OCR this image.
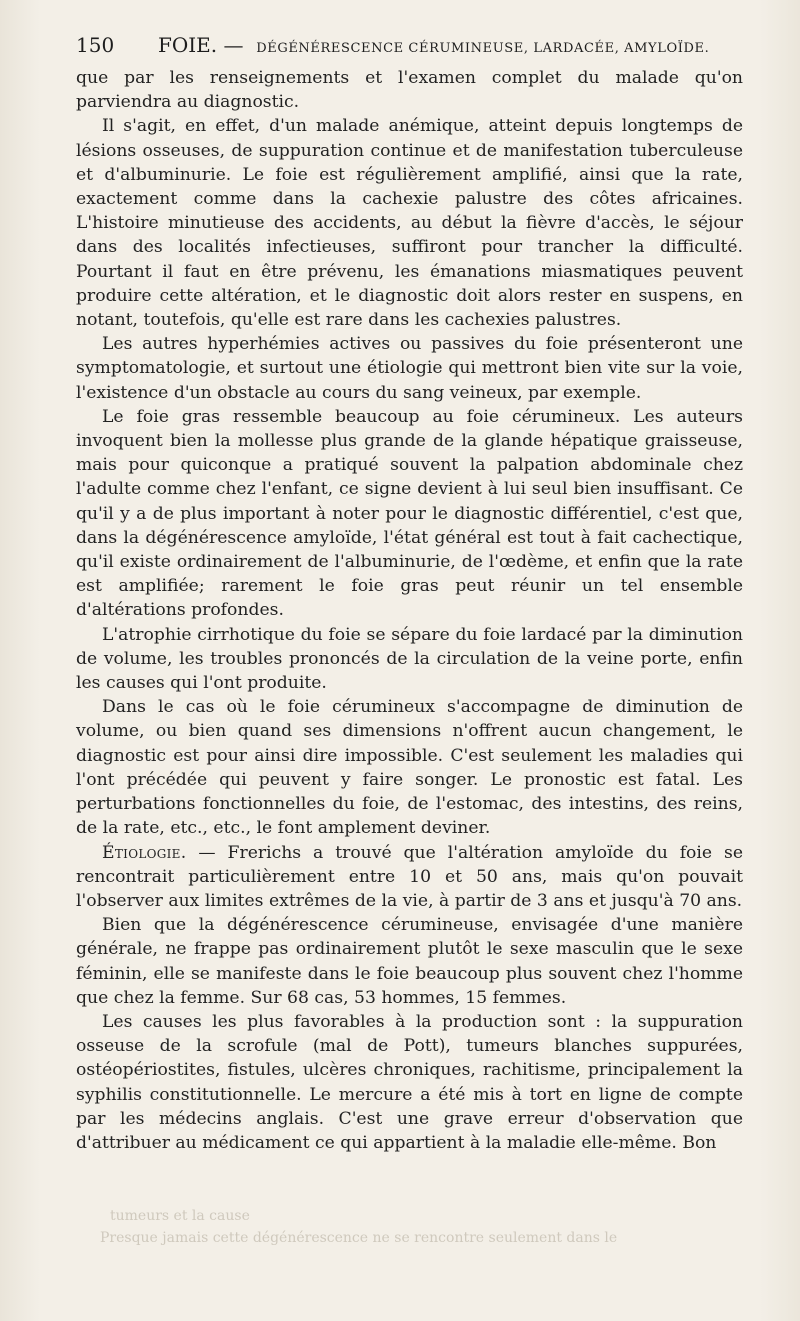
150 FOIE. — DÉGÉNÉRESCENCE CÉRUMINEUSE, LARDACÉE, AMYLOÏDE.

que par les renseignements et l'examen complet du malade qu'on parviendra au diagnostic.

Il s'agit, en effet, d'un malade anémique, atteint depuis longtemps de lésions osseuses, de suppuration continue et de manifestation tuberculeuse et d'albuminurie. Le foie est régulièrement amplifié, ainsi que la rate, exactement comme dans la cachexie palustre des côtes africaines. L'histoire minutieuse des accidents, au début la fièvre d'accès, le séjour dans des localités infectieuses, suffiront pour trancher la difficulté. Pourtant il faut en être prévenu, les émanations miasmatiques peuvent produire cette altération, et le diagnostic doit alors rester en suspens, en notant, toutefois, qu'elle est rare dans les cachexies palustres.

Les autres hyperhémies actives ou passives du foie présenteront une symptomatologie, et surtout une étiologie qui mettront bien vite sur la voie, l'existence d'un obstacle au cours du sang veineux, par exemple.

Le foie gras ressemble beaucoup au foie cérumineux. Les auteurs invoquent bien la mollesse plus grande de la glande hépatique graisseuse, mais pour quiconque a pratiqué souvent la palpation abdominale chez l'adulte comme chez l'enfant, ce signe devient à lui seul bien insuffisant. Ce qu'il y a de plus important à noter pour le diagnostic différentiel, c'est que, dans la dégénérescence amyloïde, l'état général est tout à fait cachectique, qu'il existe ordinairement de l'albuminurie, de l'œdème, et enfin que la rate est amplifiée; rarement le foie gras peut réunir un tel ensemble d'altérations profondes.

L'atrophie cirrhotique du foie se sépare du foie lardacé par la diminution de volume, les troubles prononcés de la circulation de la veine porte, enfin les causes qui l'ont produite.

Dans le cas où le foie cérumineux s'accompagne de diminution de volume, ou bien quand ses dimensions n'offrent aucun changement, le diagnostic est pour ainsi dire impossible. C'est seulement les maladies qui l'ont précédée qui peuvent y faire songer. Le pronostic est fatal. Les perturbations fonctionnelles du foie, de l'estomac, des intestins, des reins, de la rate, etc., etc., le font amplement deviner.

Étiologie. — Frerichs a trouvé que l'altération amyloïde du foie se rencontrait particulièrement entre 10 et 50 ans, mais qu'on pouvait l'observer aux limites extrêmes de la vie, à partir de 3 ans et jusqu'à 70 ans.

Bien que la dégénérescence cérumineuse, envisagée d'une manière générale, ne frappe pas ordinairement plutôt le sexe masculin que le sexe féminin, elle se manifeste dans le foie beaucoup plus souvent chez l'homme que chez la femme. Sur 68 cas, 53 hommes, 15 femmes.

Les causes les plus favorables à la production sont : la suppuration osseuse de la scrofule (mal de Pott), tumeurs blanches suppurées, ostéopériostites, fistules, ulcères chroniques, rachitisme, principalement la syphilis constitutionnelle. Le mercure a été mis à tort en ligne de compte par les médecins anglais. C'est une grave erreur d'observation que d'attribuer au médicament ce qui appartient à la maladie elle-même. Bon

tumeurs et la cause
Presque jamais cette dégénérescence ne se rencontre seulement dans le
